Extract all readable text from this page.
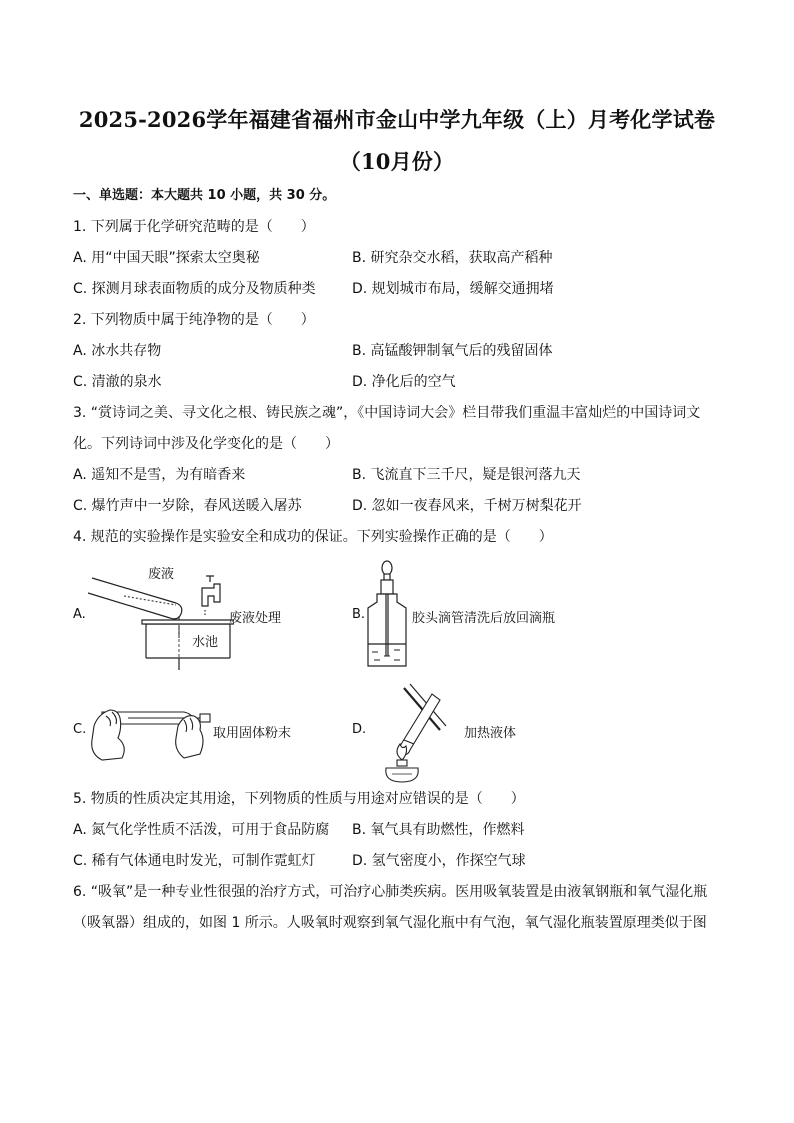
2025-2026学年福建省福州市金山中学九年级（上）月考化学试卷
（10月份）
一、单选题：本大题共 10 小题，共 30 分。
1. 下列属于化学研究范畴的是（　　）
A. 用“中国天眼”探索太空奥秘	B. 研究杂交水稻，获取高产稻种
C. 探测月球表面物质的成分及物质种类	D. 规划城市布局，缓解交通拥堵
2. 下列物质中属于纯净物的是（　　）
A. 冰水共存物	B. 高锰酸钾制氧气后的残留固体
C. 清澈的泉水	D. 净化后的空气
3. “赏诗词之美、寻文化之根、铸民族之魂”，《中国诗词大会》栏目带我们重温丰富灿烂的中国诗词文
化。下列诗词中涉及化学变化的是（　　）
A. 遥知不是雪，为有暗香来	B. 飞流直下三千尺，疑是银河落九天
C. 爆竹声中一岁除，春风送暖入屠苏	D. 忽如一夜春风来，千树万树梨花开
4. 规范的实验操作是实验安全和成功的保证。下列实验操作正确的是（　　）
A.
废液
水池
废液处理	B.	胶头滴管清洗后放回滴瓶
C.	取用固体粉末	D.	加热液体
5. 物质的性质决定其用途，下列物质的性质与用途对应错误的是（　　）
A. 氮气化学性质不活泼，可用于食品防腐 B. 氧气具有助燃性，作燃料
C. 稀有气体通电时发光，可制作霓虹灯	D. 氢气密度小，作探空气球
6. “吸氧”是一种专业性很强的治疗方式，可治疗心肺类疾病。医用吸氧装置是由液氧钢瓶和氧气湿化瓶
（吸氧器）组成的，如图 1 所示。人吸氧时观察到氧气湿化瓶中有气泡，氧气湿化瓶装置原理类似于图
